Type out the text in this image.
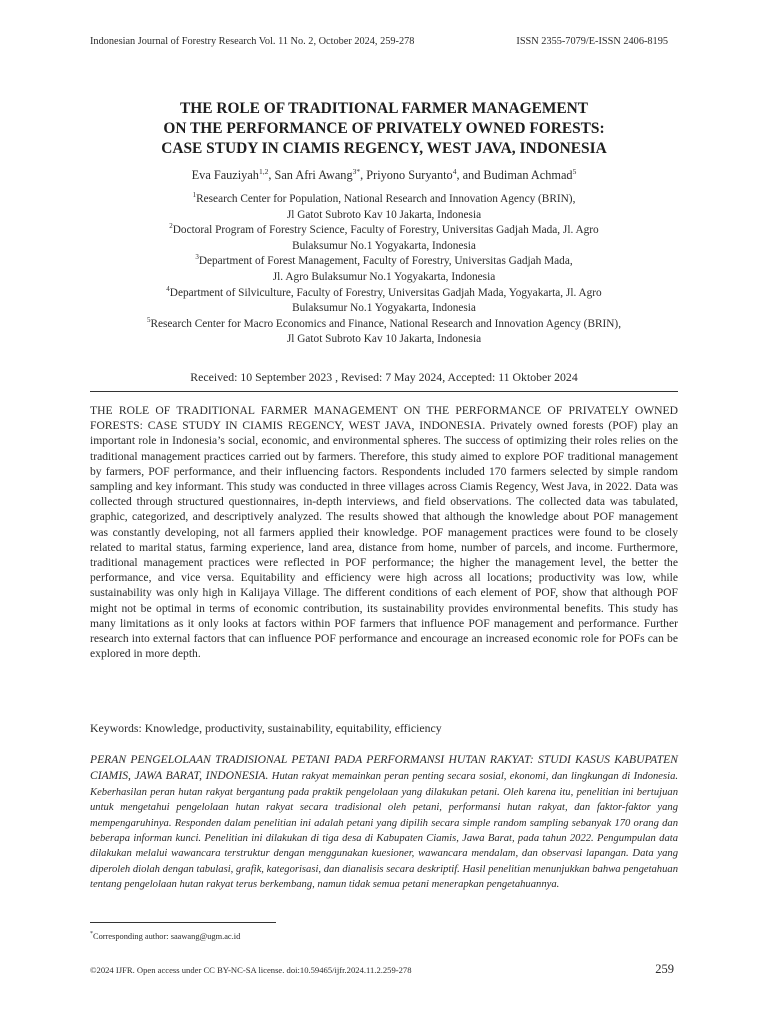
Indonesian Journal of Forestry Research Vol. 11 No. 2, October 2024, 259-278	ISSN 2355-7079/E-ISSN 2406-8195
THE ROLE OF TRADITIONAL FARMER MANAGEMENT
ON THE PERFORMANCE OF PRIVATELY OWNED FORESTS:
CASE STUDY IN CIAMIS REGENCY, WEST JAVA, INDONESIA
Eva Fauziyah$^{1,2}$, San Afri Awang$^{3*}$, Priyono Suryanto$^4$, and Budiman Achmad$^5$
$^1$Research Center for Population, National Research and Innovation Agency (BRIN),
Jl Gatot Subroto Kav 10 Jakarta, Indonesia
$^2$Doctoral Program of Forestry Science, Faculty of Forestry, Universitas Gadjah Mada, Jl. Agro
Bulaksumur No.1 Yogyakarta, Indonesia
$^3$Department of Forest Management, Faculty of Forestry, Universitas Gadjah Mada,
Jl. Agro Bulaksumur No.1 Yogyakarta, Indonesia
$^4$Department of Silviculture, Faculty of Forestry, Universitas Gadjah Mada, Yogyakarta, Jl. Agro
Bulaksumur No.1 Yogyakarta, Indonesia
$^5$Research Center for Macro Economics and Finance, National Research and Innovation Agency (BRIN),
Jl Gatot Subroto Kav 10 Jakarta, Indonesia
Received: 10 September 2023 , Revised: 7 May 2024, Accepted: 11 Oktober 2024
THE ROLE OF TRADITIONAL FARMER MANAGEMENT ON THE PERFORMANCE OF PRIVATELY OWNED FORESTS: CASE STUDY IN CIAMIS REGENCY, WEST JAVA, INDONESIA. Privately owned forests (POF) play an important role in Indonesia’s social, economic, and environmental spheres. The success of optimizing their roles relies on the traditional management practices carried out by farmers. Therefore, this study aimed to explore POF traditional management by farmers, POF performance, and their influencing factors. Respondents included 170 farmers selected by simple random sampling and key informant. This study was conducted in three villages across Ciamis Regency, West Java, in 2022. Data was collected through structured questionnaires, in-depth interviews, and field observations. The collected data was tabulated, graphic, categorized, and descriptively analyzed. The results showed that although the knowledge about POF management was constantly developing, not all farmers applied their knowledge. POF management practices were found to be closely related to marital status, farming experience, land area, distance from home, number of parcels, and income. Furthermore, traditional management practices were reflected in POF performance; the higher the management level, the better the performance, and vice versa. Equitability and efficiency were high across all locations; productivity was low, while sustainability was only high in Kalijaya Village. The different conditions of each element of POF, show that although POF might not be optimal in terms of economic contribution, its sustainability provides environmental benefits. This study has many limitations as it only looks at factors within POF farmers that influence POF management and performance. Further research into external factors that can influence POF performance and encourage an increased economic role for POFs can be explored in more depth.
Keywords: Knowledge, productivity, sustainability, equitability, efficiency
PERAN PENGELOLAAN TRADISIONAL PETANI PADA PERFORMANSI HUTAN RAKYAT: STUDI KASUS KABUPATEN CIAMIS, JAWA BARAT, INDONESIA. Hutan rakyat memainkan peran penting secara sosial, ekonomi, dan lingkungan di Indonesia. Keberhasilan peran hutan rakyat bergantung pada praktik pengelolaan yang dilakukan petani. Oleh karena itu, penelitian ini bertujuan untuk mengetahui pengelolaan hutan rakyat secara tradisional oleh petani, performansi hutan rakyat, dan faktor-faktor yang mempengaruhinya. Responden dalam penelitian ini adalah petani yang dipilih secara simple random sampling sebanyak 170 orang dan beberapa informan kunci. Penelitian ini dilakukan di tiga desa di Kabupaten Ciamis, Jawa Barat, pada tahun 2022. Pengumpulan data dilakukan melalui wawancara terstruktur dengan menggunakan kuesioner, wawancara mendalam, dan observasi lapangan. Data yang diperoleh diolah dengan tabulasi, grafik, kategorisasi, dan dianalisis secara deskriptif. Hasil penelitian menunjukkan bahwa pengetahuan tentang pengelolaan hutan rakyat terus berkembang, namun tidak semua petani menerapkan pengetahuannya.
*Corresponding author: saawang@ugm.ac.id
©2024 IJFR. Open access under CC BY-NC-SA license. doi:10.59465/ijfr.2024.11.2.259-278	259
